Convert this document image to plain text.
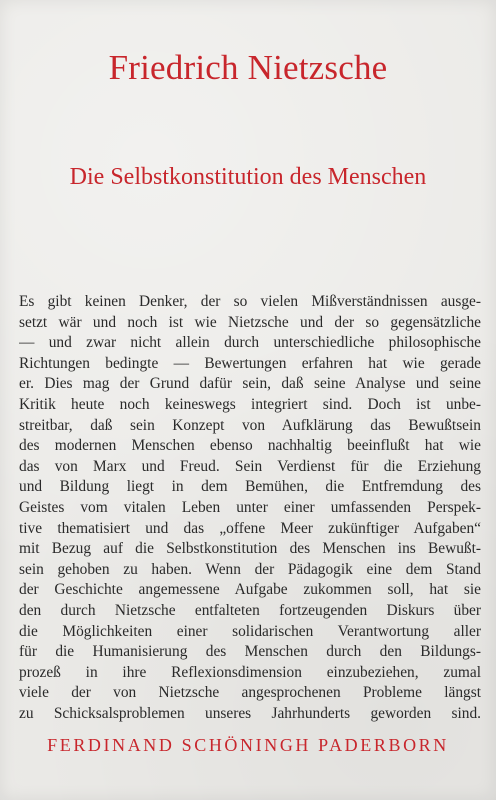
Friedrich Nietzsche
Die Selbstkonstitution des Menschen
Es gibt keinen Denker, der so vielen Mißverständnissen ausge-
setzt wär und noch ist wie Nietzsche und der so gegensätzliche
— und zwar nicht allein durch unterschiedliche philosophische
Richtungen bedingte — Bewertungen erfahren hat wie gerade
er. Dies mag der Grund dafür sein, daß seine Analyse und seine
Kritik heute noch keineswegs integriert sind. Doch ist unbe-
streitbar, daß sein Konzept von Aufklärung das Bewußtsein
des modernen Menschen ebenso nachhaltig beeinflußt hat wie
das von Marx und Freud. Sein Verdienst für die Erziehung
und Bildung liegt in dem Bemühen, die Entfremdung des
Geistes vom vitalen Leben unter einer umfassenden Perspek-
tive thematisiert und das „offene Meer zukünftiger Aufgaben“
mit Bezug auf die Selbstkonstitution des Menschen ins Bewußt-
sein gehoben zu haben. Wenn der Pädagogik eine dem Stand
der Geschichte angemessene Aufgabe zukommen soll, hat sie
den durch Nietzsche entfalteten fortzeugenden Diskurs über
die Möglichkeiten einer solidarischen Verantwortung aller
für die Humanisierung des Menschen durch den Bildungs-
prozeß in ihre Reflexionsdimension einzubeziehen, zumal
viele der von Nietzsche angesprochenen Probleme längst
zu Schicksalsproblemen unseres Jahrhunderts geworden sind.
FERDINAND SCHÖNINGH PADERBORN
